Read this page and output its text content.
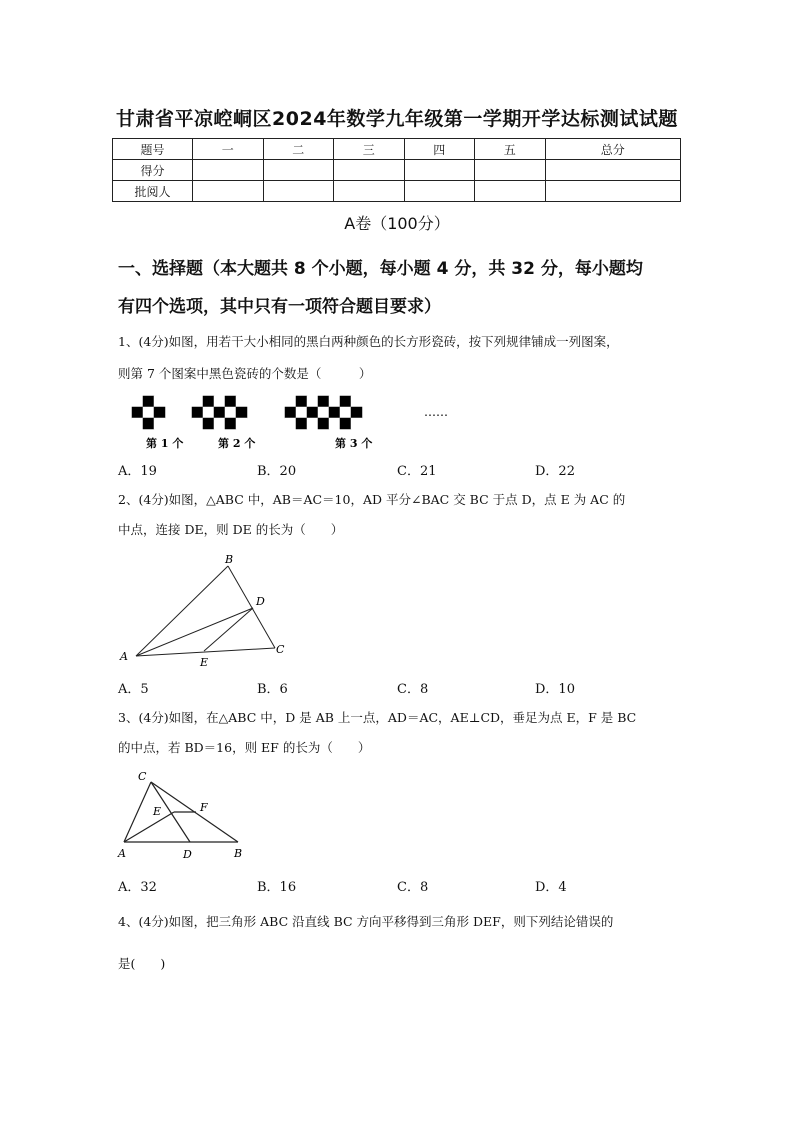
甘肃省平凉崆峒区2024年数学九年级第一学期开学达标测试试题
题号	一	二	三	四	五	总分
得分						
批阅人						
A卷（100分）
一、选择题（本大题共 8 个小题，每小题 4 分，共 32 分，每小题均
有四个选项，其中只有一项符合题目要求）
1、(4分)如图，用若干大小相同的黑白两种颜色的长方形瓷砖，按下列规律铺成一列图案，
则第 7 个图案中黑色瓷砖的个数是（　　　）
……
第 1 个	第 2 个	第 3 个
A．19	B．20	C．21	D．22
2、(4分)如图，△ABC 中，AB＝AC＝10，AD 平分∠BAC 交 BC 于点 D，点 E 为 AC 的
中点，连接 DE，则 DE 的长为（　　）
A
B
C
D
E
A．5	B．6	C．8	D．10
3、(4分)如图，在△ABC 中，D 是 AB 上一点，AD＝AC，AE⊥CD，垂足为点 E，F 是 BC
的中点，若 BD＝16，则 EF 的长为（　　）
C
E	F
A	D	B
A．32	B．16	C．8	D．4
4、(4分)如图，把三角形 ABC 沿直线 BC 方向平移得到三角形 DEF，则下列结论错误的
是(　　)
